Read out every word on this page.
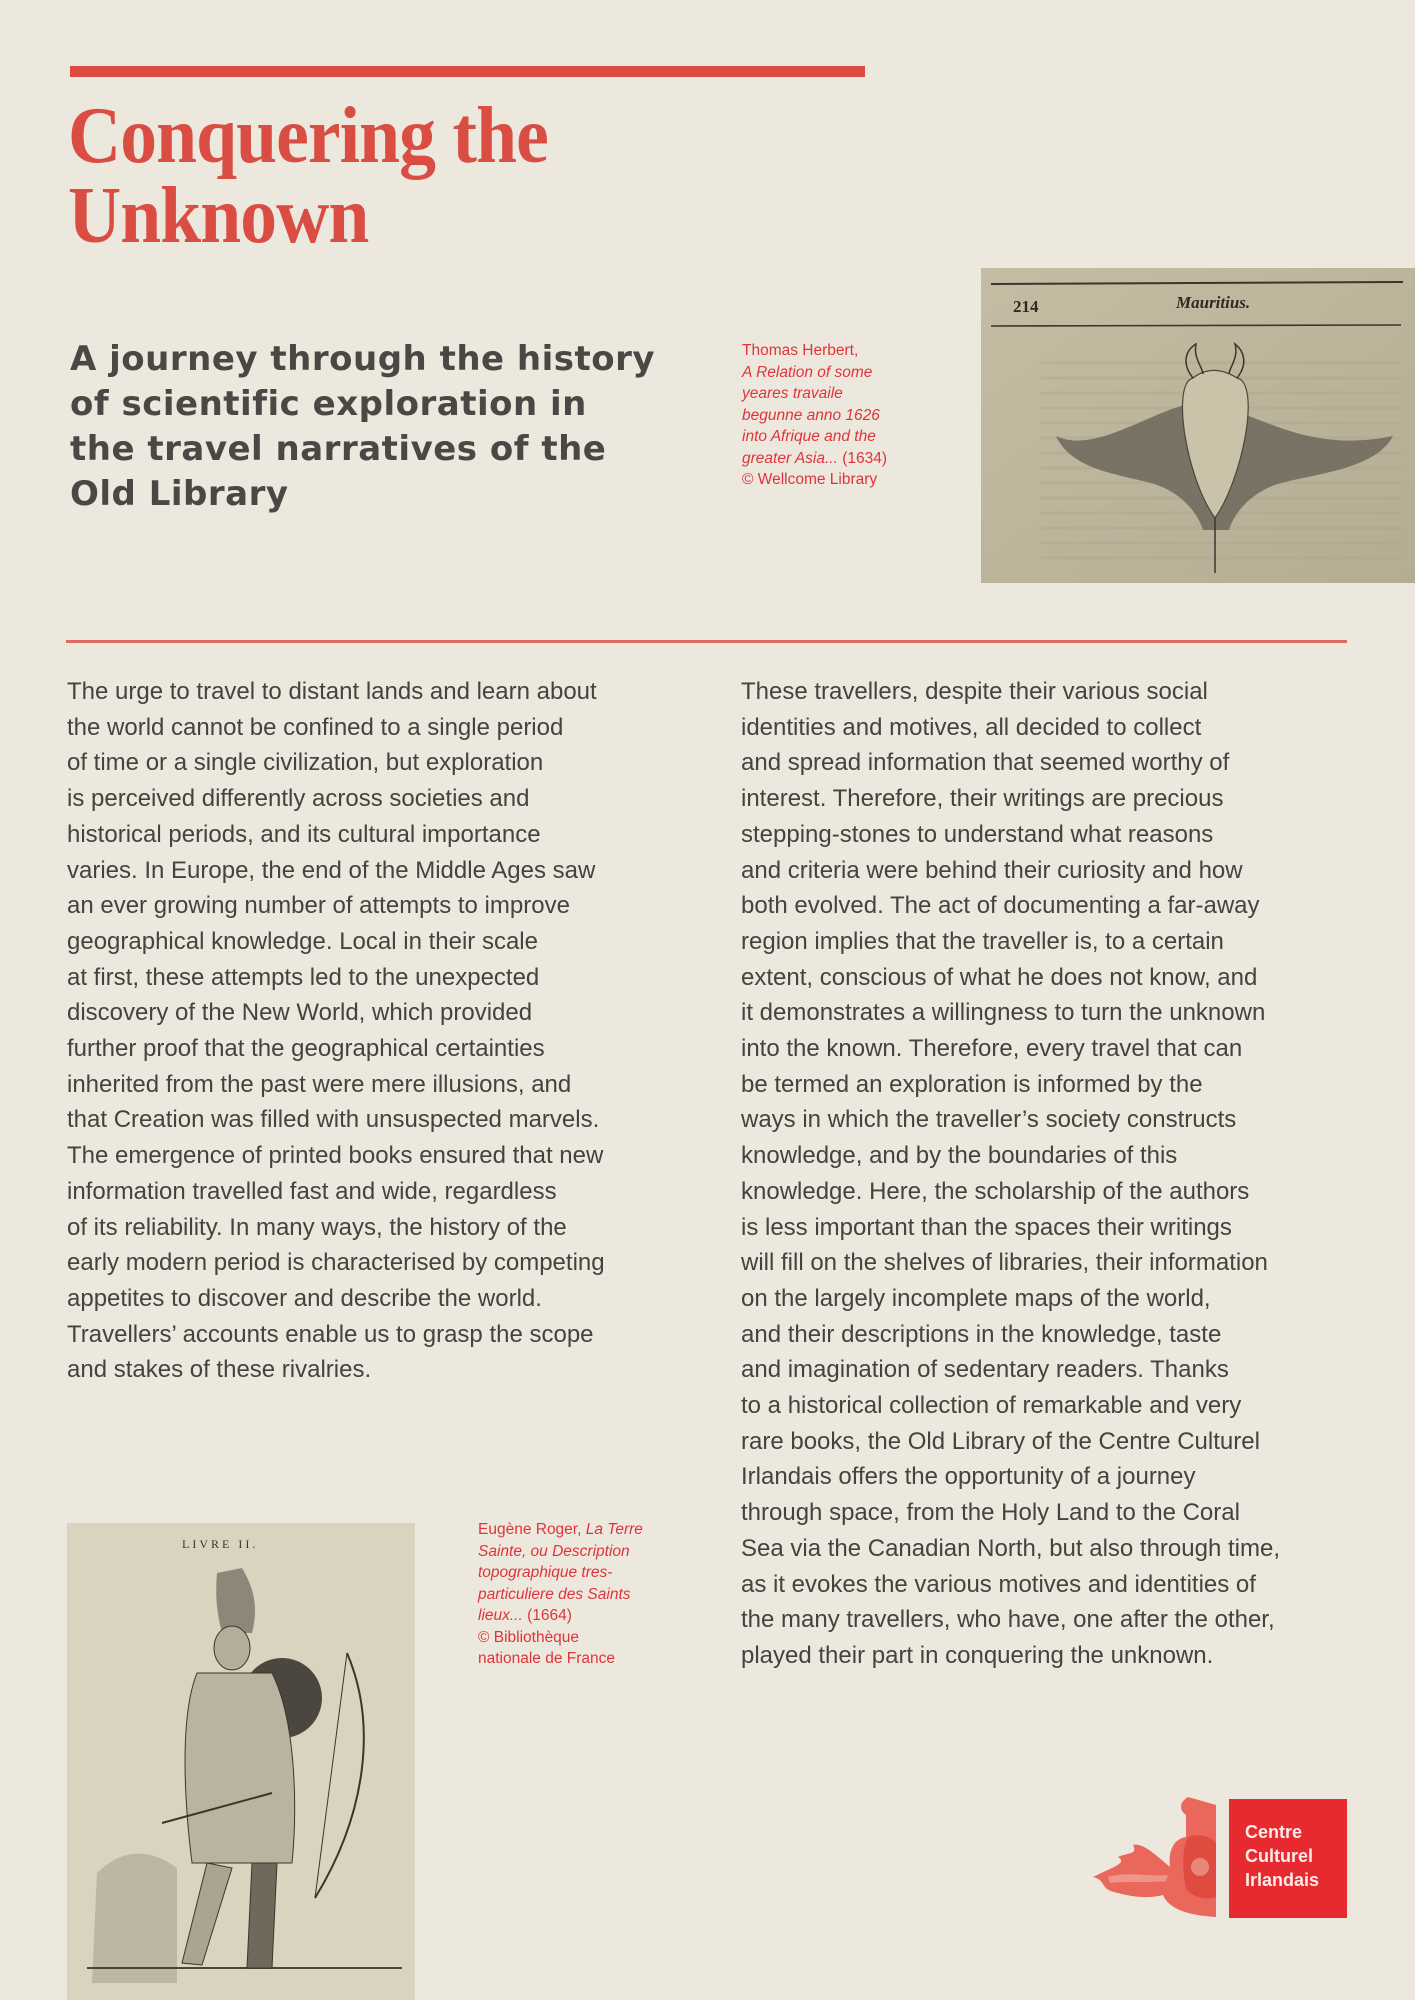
Conquering the
Unknown
A journey through the history
of scientific exploration in
the travel narratives of the
Old Library
Thomas Herbert,
A Relation of some
yeares travaile
begunne anno 1626
into Afrique and the
greater Asia... (1634)
© Wellcome Library
214	Mauritius.
The urge to travel to distant lands and learn about
the world cannot be confined to a single period
of time or a single civilization, but exploration
is perceived differently across societies and
historical periods, and its cultural importance
varies. In Europe, the end of the Middle Ages saw
an ever growing number of attempts to improve
geographical knowledge. Local in their scale
at first, these attempts led to the unexpected
discovery of the New World, which provided
further proof that the geographical certainties
inherited from the past were mere illusions, and
that Creation was filled with unsuspected marvels.
The emergence of printed books ensured that new
information travelled fast and wide, regardless
of its reliability. In many ways, the history of the
early modern period is characterised by competing
appetites to discover and describe the world.
Travellers’ accounts enable us to grasp the scope
and stakes of these rivalries.
These travellers, despite their various social
identities and motives, all decided to collect
and spread information that seemed worthy of
interest. Therefore, their writings are precious
stepping-stones to understand what reasons
and criteria were behind their curiosity and how
both evolved. The act of documenting a far-away
region implies that the traveller is, to a certain
extent, conscious of what he does not know, and
it demonstrates a willingness to turn the unknown
into the known. Therefore, every travel that can
be termed an exploration is informed by the
ways in which the traveller’s society constructs
knowledge, and by the boundaries of this
knowledge. Here, the scholarship of the authors
is less important than the spaces their writings
will fill on the shelves of libraries, their information
on the largely incomplete maps of the world,
and their descriptions in the knowledge, taste
and imagination of sedentary readers. Thanks
to a historical collection of remarkable and very
rare books, the Old Library of the Centre Culturel
Irlandais offers the opportunity of a journey
through space, from the Holy Land to the Coral
Sea via the Canadian North, but also through time,
as it evokes the various motives and identities of
the many travellers, who have, one after the other,
played their part in conquering the unknown.
LIVRE II.
Eugène Roger, La Terre
Sainte, ou Description
topographique tres-
particuliere des Saints
lieux... (1664)
© Bibliothèque
nationale de France
Centre
Culturel
Irlandais
